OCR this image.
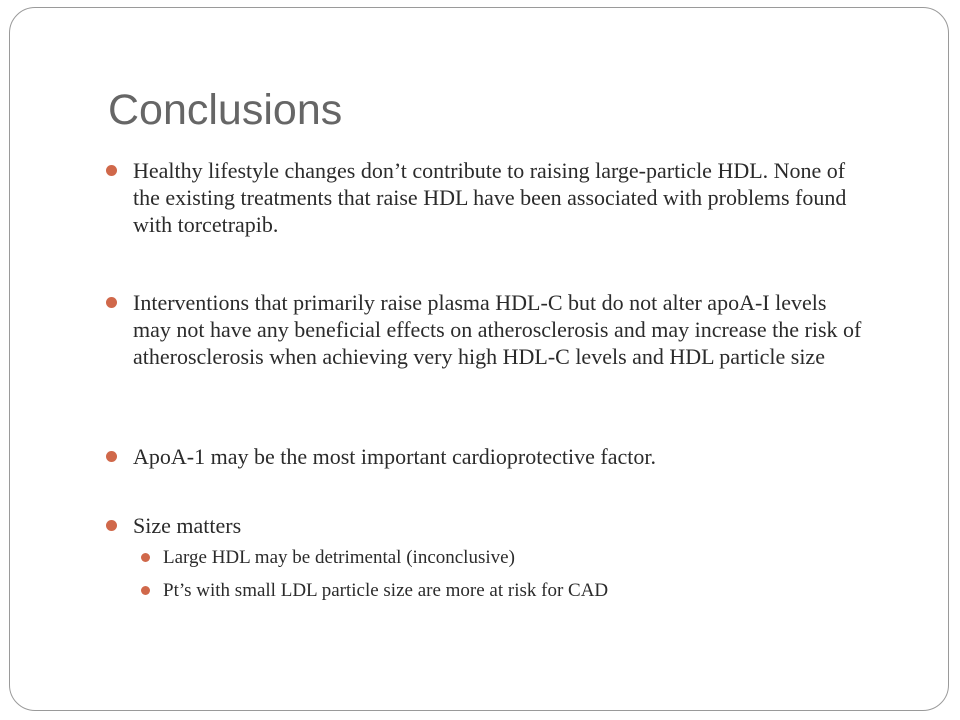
Conclusions
Healthy lifestyle changes don’t contribute to raising large-particle HDL. None of the existing treatments that raise HDL have been associated with problems found with torcetrapib.
Interventions that primarily raise plasma HDL-C but do not alter apoA-I levels may not have any beneficial effects on atherosclerosis and may increase the risk of atherosclerosis when achieving very high HDL-C levels and HDL particle size
ApoA-1 may be the most important cardioprotective factor.
Size matters
Large HDL may be detrimental (inconclusive)
Pt’s with small LDL particle size are more at risk for CAD
